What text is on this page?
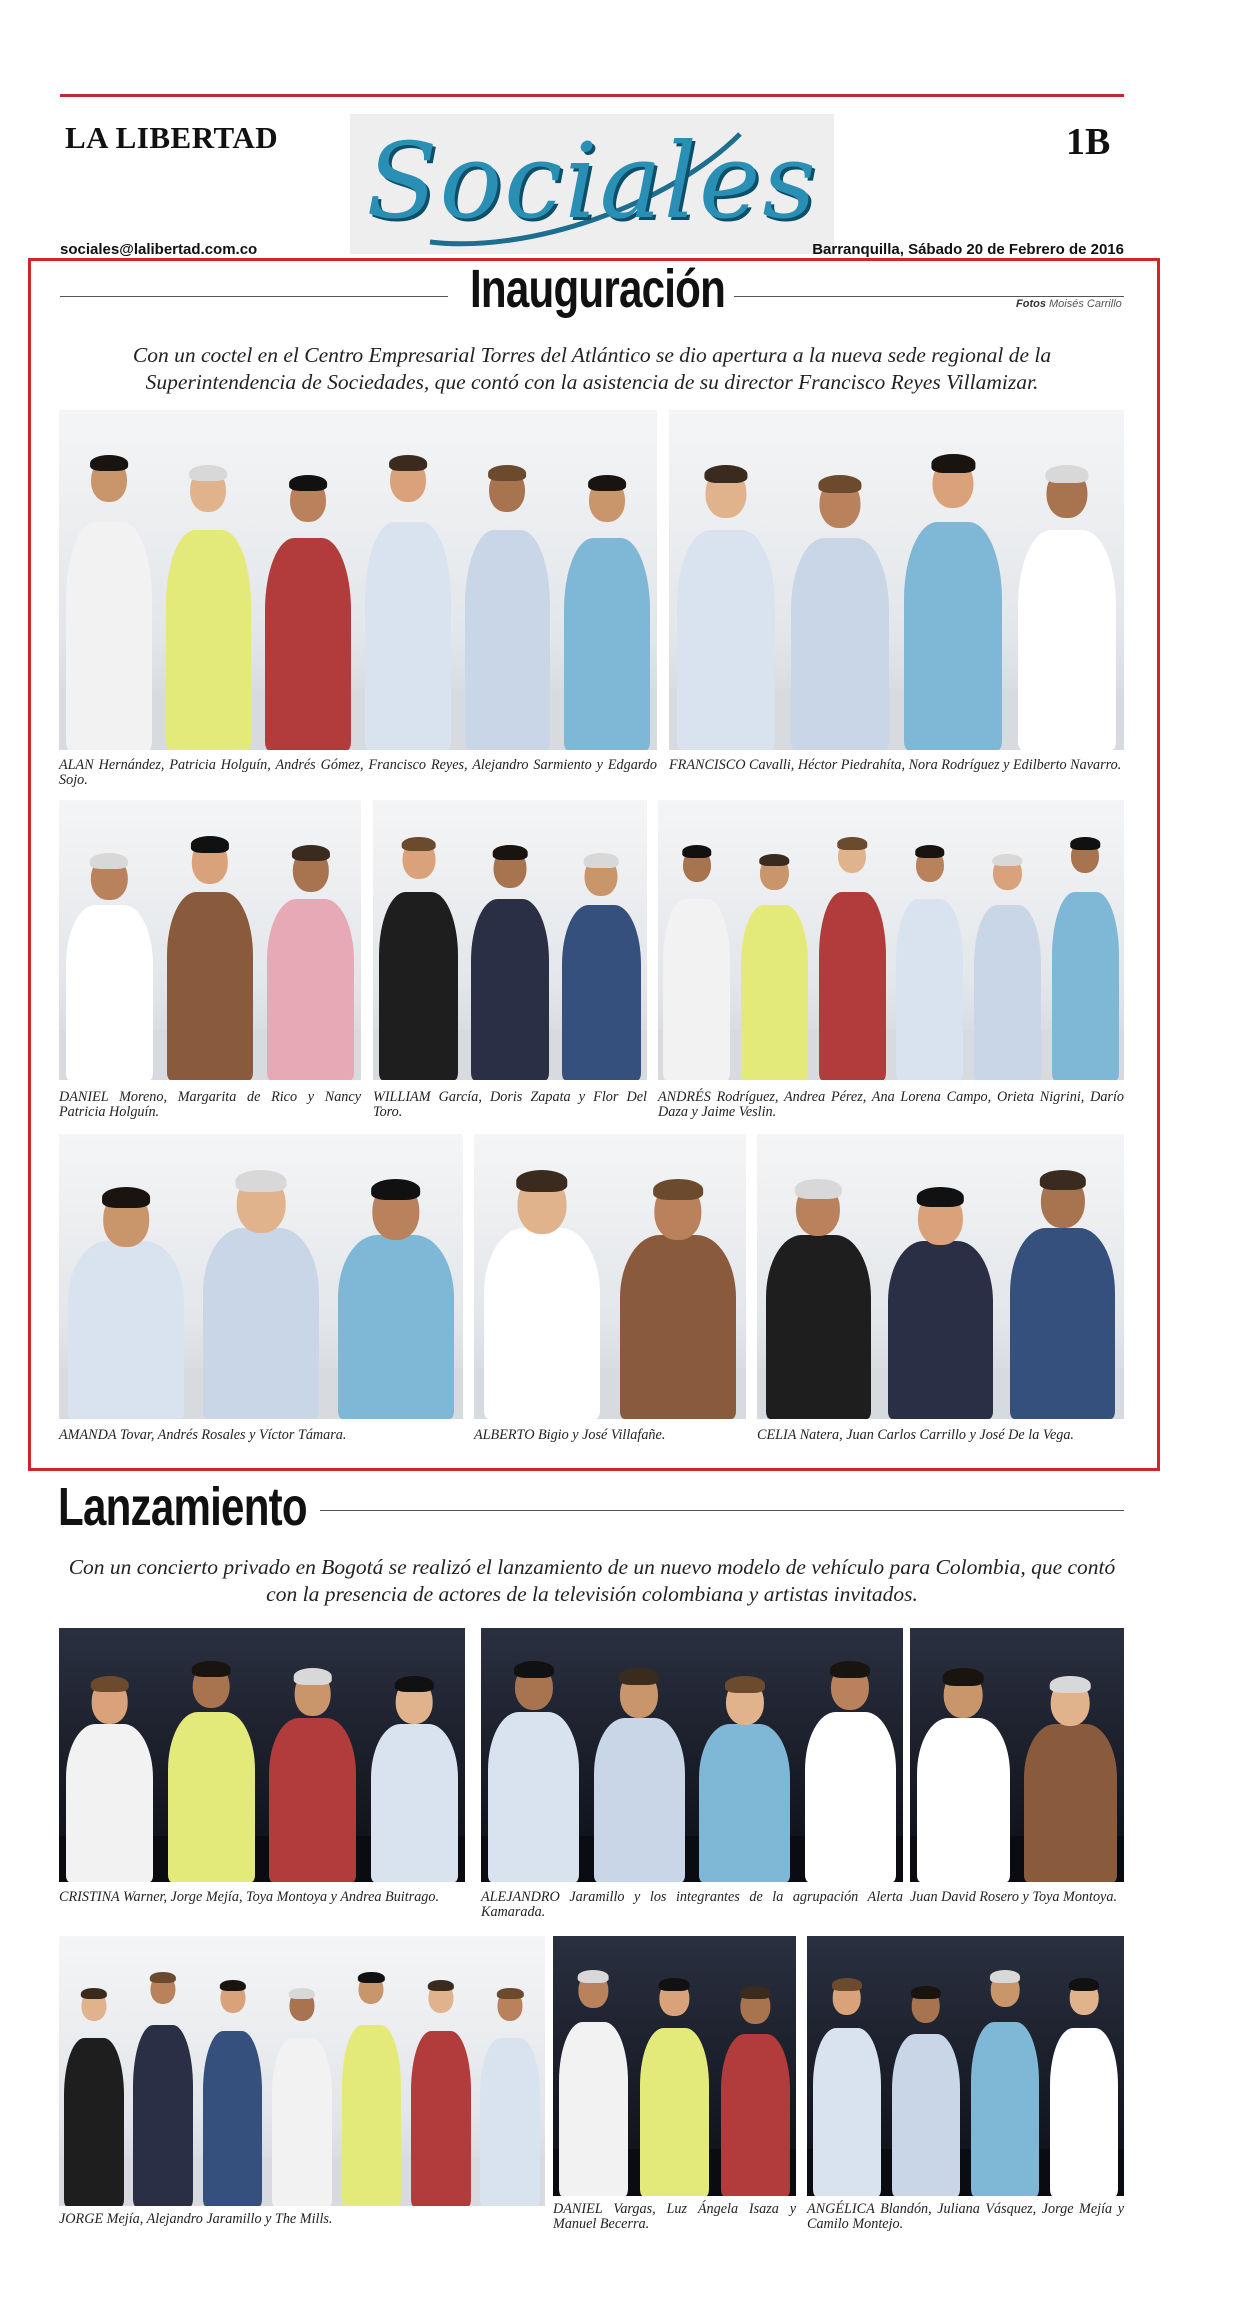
LA LIBERTAD	1B
Sociales
sociales@lalibertad.com.co	Barranquilla, Sábado 20 de Febrero de 2016
Inauguración	Fotos Moisés Carrillo
Con un coctel en el Centro Empresarial Torres del Atlántico se dio apertura a la nueva sede regional de la Superintendencia de Sociedades, que contó con la asistencia de su director Francisco Reyes Villamizar.
ALAN Hernández, Patricia Holguín, Andrés Gómez, Francisco Reyes, Alejandro Sarmiento y Edgardo Sojo.
FRANCISCO Cavalli, Héctor Piedrahíta, Nora Rodríguez y Edilberto Navarro.
DANIEL Moreno, Margarita de Rico y Nancy Patricia Holguín.
WILLIAM García, Doris Zapata y Flor Del Toro.
ANDRÉS Rodríguez, Andrea Pérez, Ana Lorena Campo, Orieta Nigrini, Darío Daza y Jaime Veslin.
AMANDA Tovar, Andrés Rosales y Víctor Támara.	ALBERTO Bigio y José Villafañe.	CELIA Natera, Juan Carlos Carrillo y José De la Vega.
Lanzamiento
Con un concierto privado en Bogotá se realizó el lanzamiento de un nuevo modelo de vehículo para Colombia, que contó con la presencia de actores de la televisión colombiana y artistas invitados.
CRISTINA Warner, Jorge Mejía, Toya Montoya y Andrea Buitrago.	ALEJANDRO Jaramillo y los integrantes de la agrupación Alerta Kamarada.
Juan David Rosero y Toya Montoya.
JORGE Mejía, Alejandro Jaramillo y The Mills.
DANIEL Vargas, Luz Ángela Isaza y Manuel Becerra.
ANGÉLICA Blandón, Juliana Vásquez, Jorge Mejía y Camilo Montejo.
